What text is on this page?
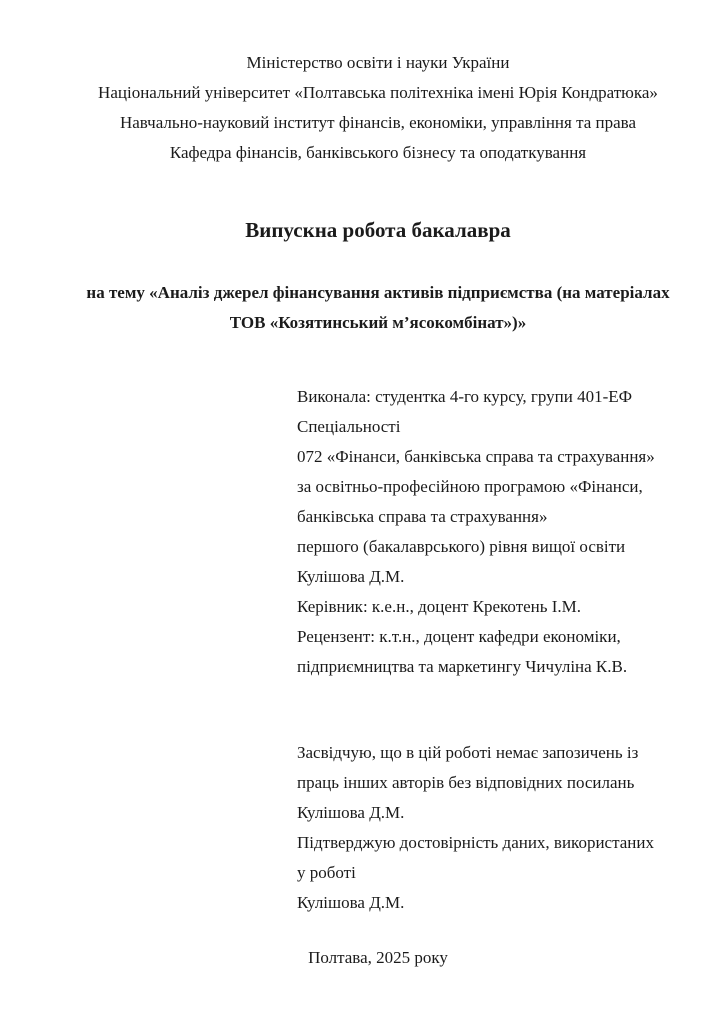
Міністерство освіти і науки України
Національний університет «Полтавська політехніка імені Юрія Кондратюка»
Навчально-науковий інститут фінансів, економіки, управління та права
Кафедра фінансів, банківського бізнесу та оподаткування
Випускна робота бакалавра
на тему «Аналіз джерел фінансування активів підприємства (на матеріалах
ТОВ «Козятинський м’ясокомбінат»)»
Виконала: студентка 4-го курсу, групи 401-ЕФ
Спеціальності
072 «Фінанси, банківська справа та страхування»
за освітньо-професійною програмою «Фінанси,
банківська справа та страхування»
першого (бакалаврського) рівня вищої освіти
Кулішова Д.М.
Керівник: к.е.н., доцент Крекотень І.М.
Рецензент: к.т.н., доцент кафедри економіки,
підприємництва та маркетингу Чичуліна К.В.
Засвідчую, що в цій роботі немає запозичень із
праць інших авторів без відповідних посилань
Кулішова Д.М.
Підтверджую достовірність даних, використаних
у роботі
Кулішова Д.М.
Полтава, 2025 року
